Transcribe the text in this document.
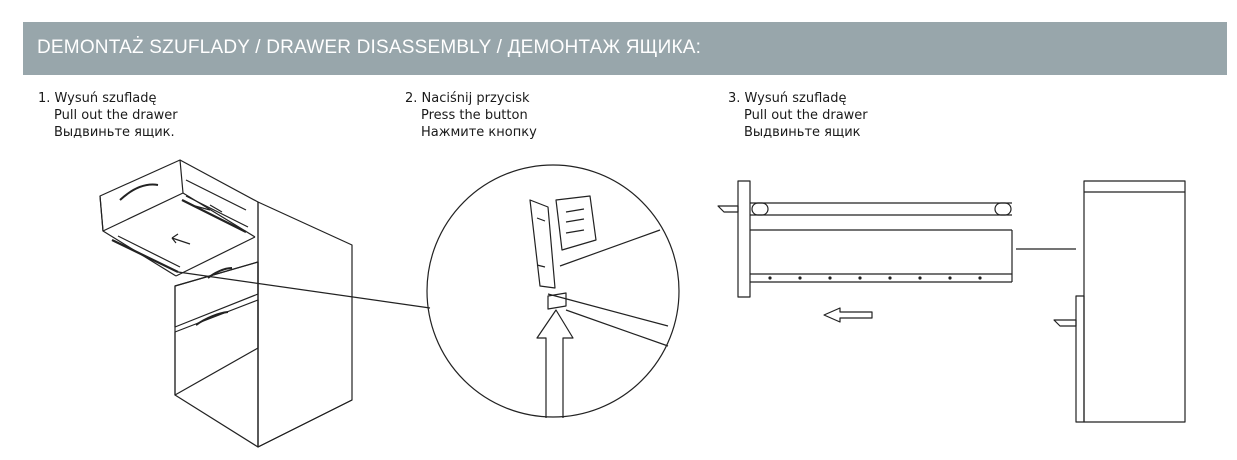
DEMONTAŻ SZUFLADY / DRAWER DISASSEMBLY / ДЕМОНТАЖ ЯЩИКА:
1. Wysuń szufladę
Pull out the drawer
Выдвиньте ящик.
2. Naciśnij przycisk
Press the button
Нажмите кнопку
3. Wysuń szufladę
Pull out the drawer
Выдвиньте ящик
